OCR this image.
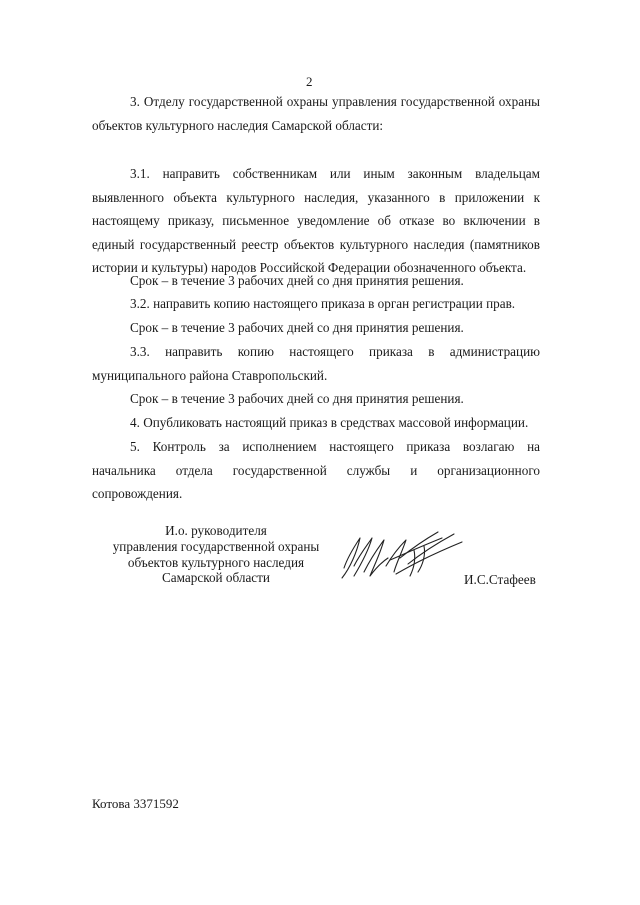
2

3. Отделу государственной охраны управления государственной охраны объектов культурного наследия Самарской области:

3.1. направить собственникам или иным законным владельцам выявленного объекта культурного наследия, указанного в приложении к настоящему приказу, письменное уведомление об отказе во включении в единый государственный реестр объектов культурного наследия (памятников истории и культуры) народов Российской Федерации обозначенного объекта.

Срок – в течение 3 рабочих дней со дня принятия решения.

3.2. направить копию настоящего приказа в орган регистрации прав.

Срок – в течение 3 рабочих дней со дня принятия решения.

3.3. направить копию настоящего приказа в администрацию муниципального района Ставропольский.

Срок – в течение 3 рабочих дней со дня принятия решения.

4. Опубликовать настоящий приказ в средствах массовой информации.

5. Контроль за исполнением настоящего приказа возлагаю на начальника отдела государственной службы и организационного сопровождения.

И.о. руководителя
управления государственной охраны
объектов культурного наследия
Самарской области	И.С.Стафеев
Котова 3371592
